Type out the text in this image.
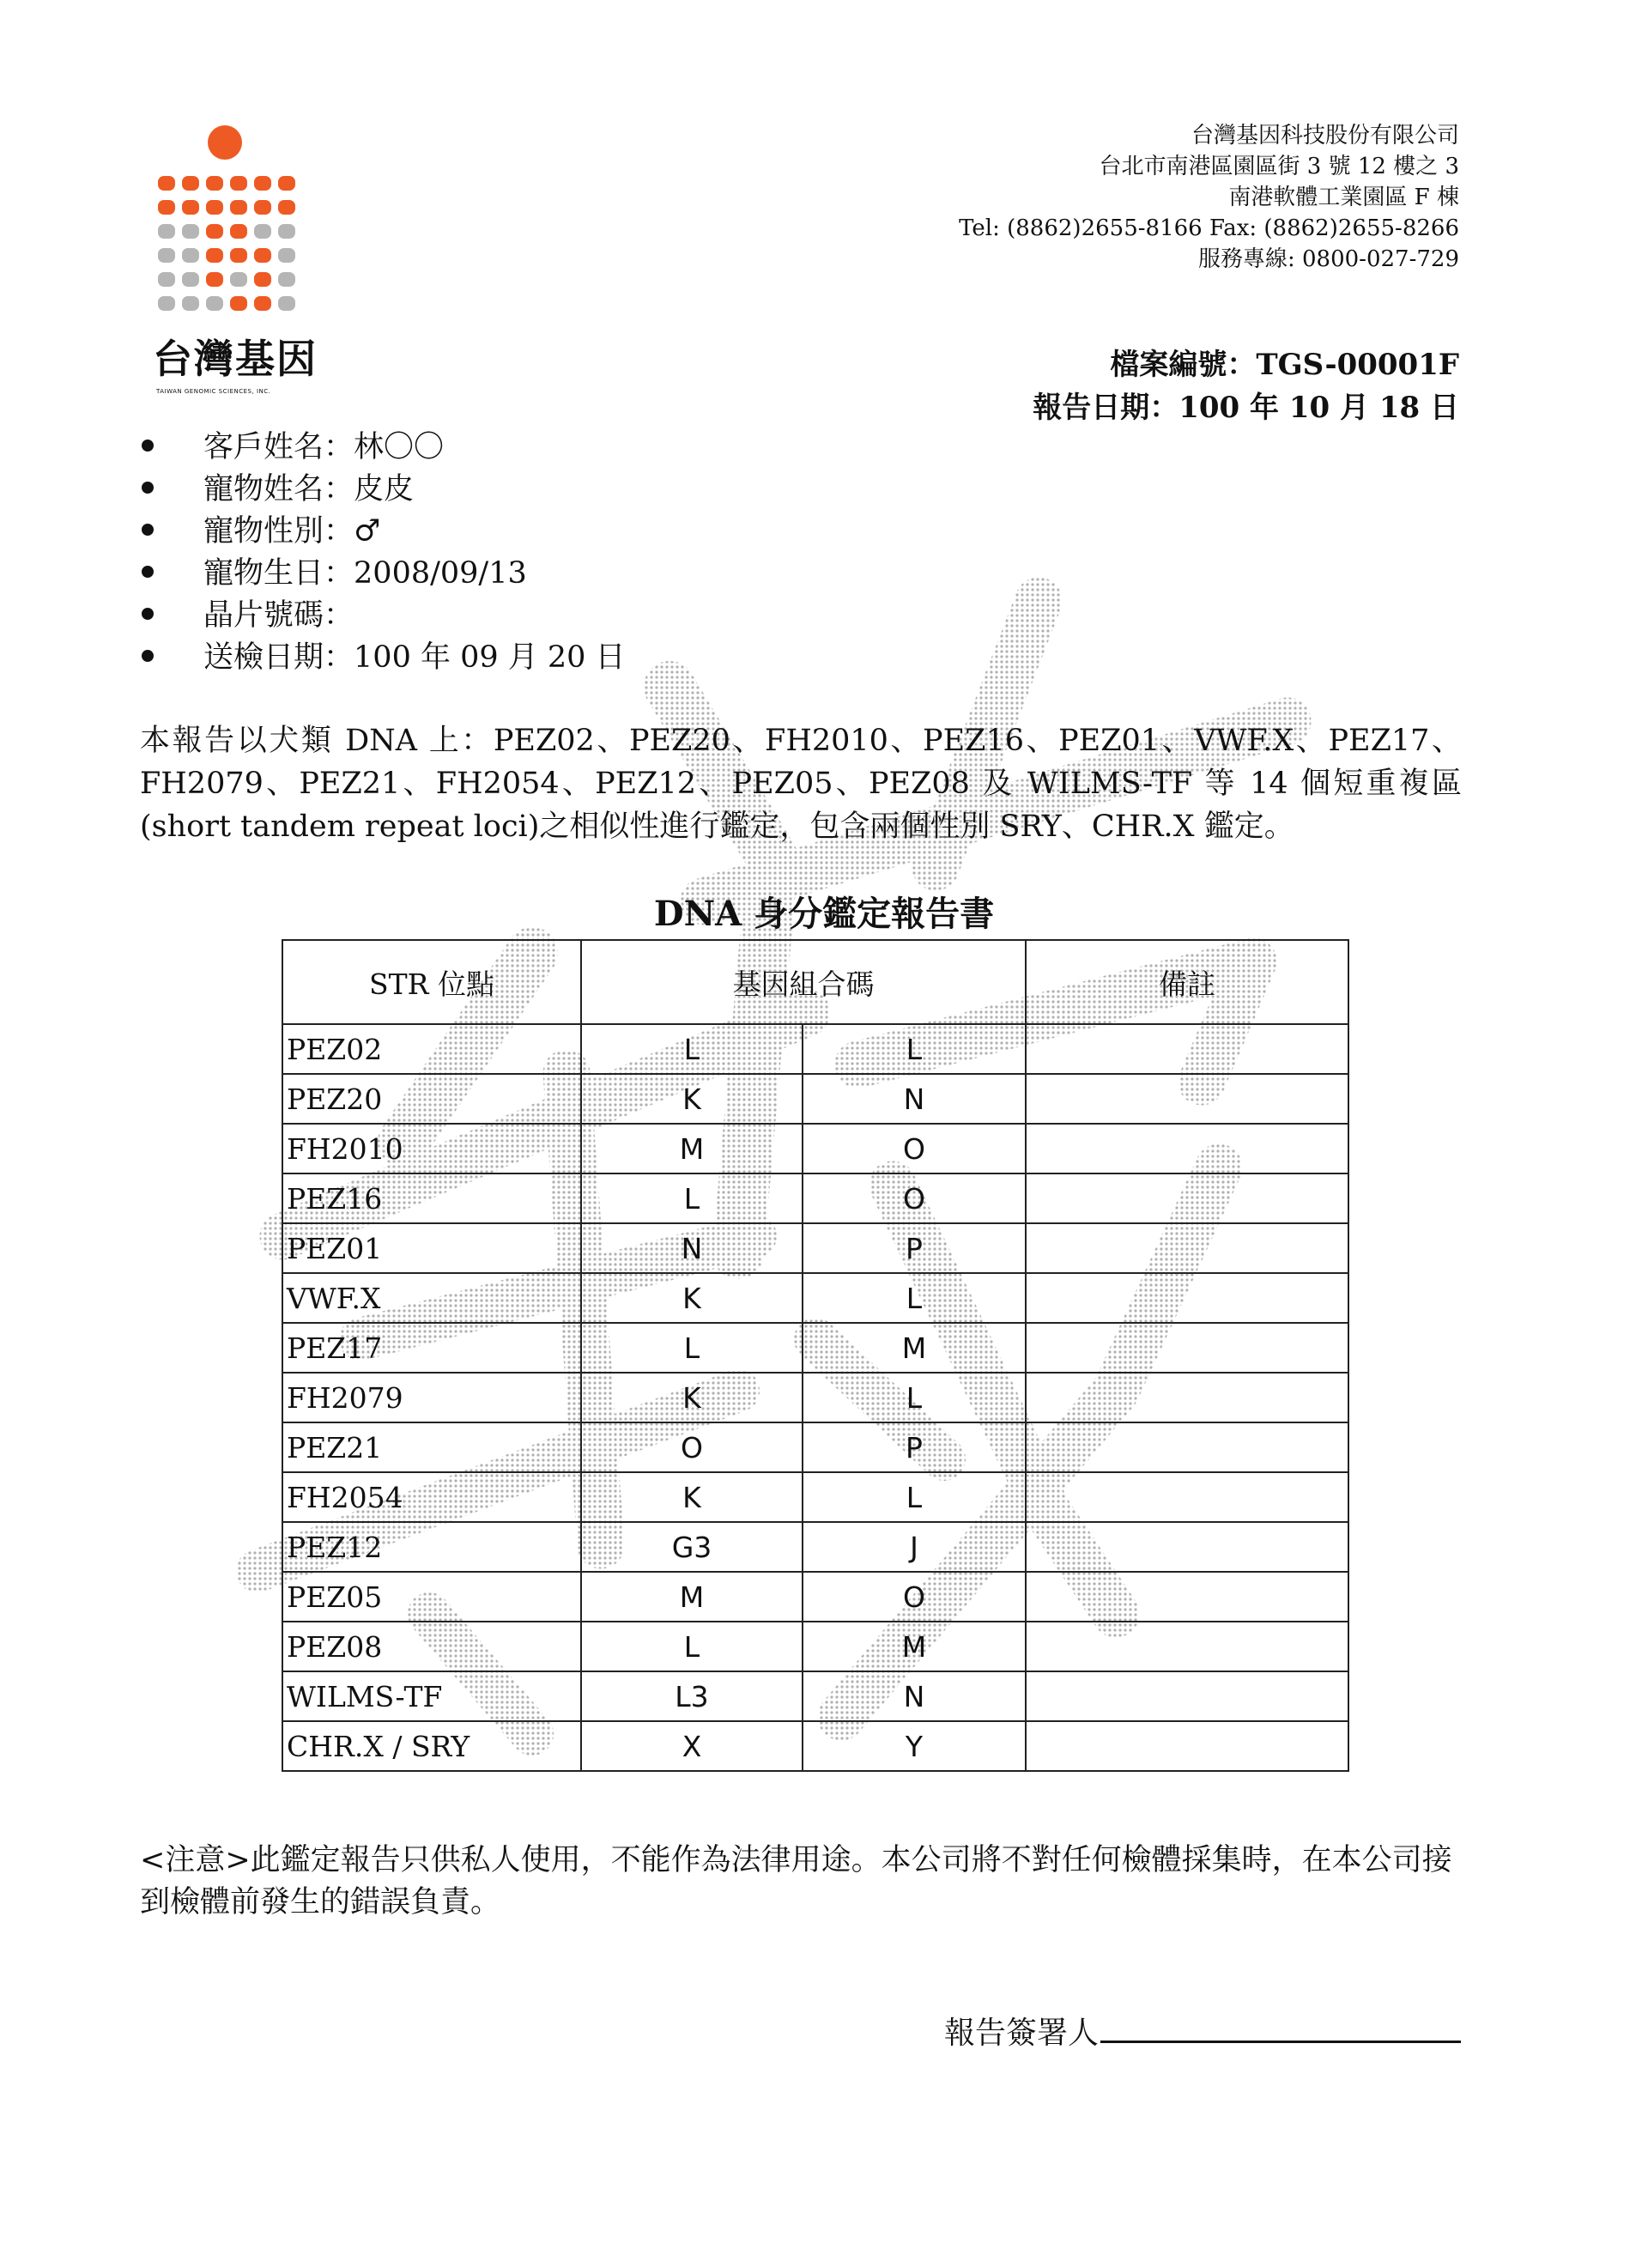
台灣基因
TAIWAN GENOMIC SCIENCES, INC.
台灣基因科技股份有限公司
台北市南港區園區街 3 號 12 樓之 3
南港軟體工業園區 F 棟
Tel: (8862)2655-8166 Fax: (8862)2655-8266
服務專線: 0800-027-729
檔案編號：TGS-00001F
報告日期：100 年 10 月 18 日
客戶姓名：林〇〇
寵物姓名：皮皮
寵物性別：♂
寵物生日：2008/09/13
晶片號碼：
送檢日期：100 年 09 月 20 日

本報告以犬類 DNA 上：PEZ02、PEZ20、FH2010、PEZ16、PEZ01、VWF.X、PEZ17、FH2079、PEZ21、FH2054、PEZ12、PEZ05、PEZ08 及 WILMS-TF 等 14 個短重複區(short tandem repeat loci)之相似性進行鑑定，包含兩個性別 SRY、CHR.X 鑑定。

DNA 身分鑑定報告書
STR 位點	基因組合碼		備註
PEZ02	L	L	
PEZ20	K	N	
FH2010	M	O	
PEZ16	L	O	
PEZ01	N	P	
VWF.X	K	L	
PEZ17	L	M	
FH2079	K	L	
PEZ21	O	P	
FH2054	K	L	
PEZ12	G3	J	
PEZ05	M	O	
PEZ08	L	M	
WILMS-TF	L3	N	
CHR.X / SRY	X	Y	

<注意>此鑑定報告只供私人使用，不能作為法律用途。本公司將不對任何檢體採集時，在本公司接到檢體前發生的錯誤負責。

報告簽署人
